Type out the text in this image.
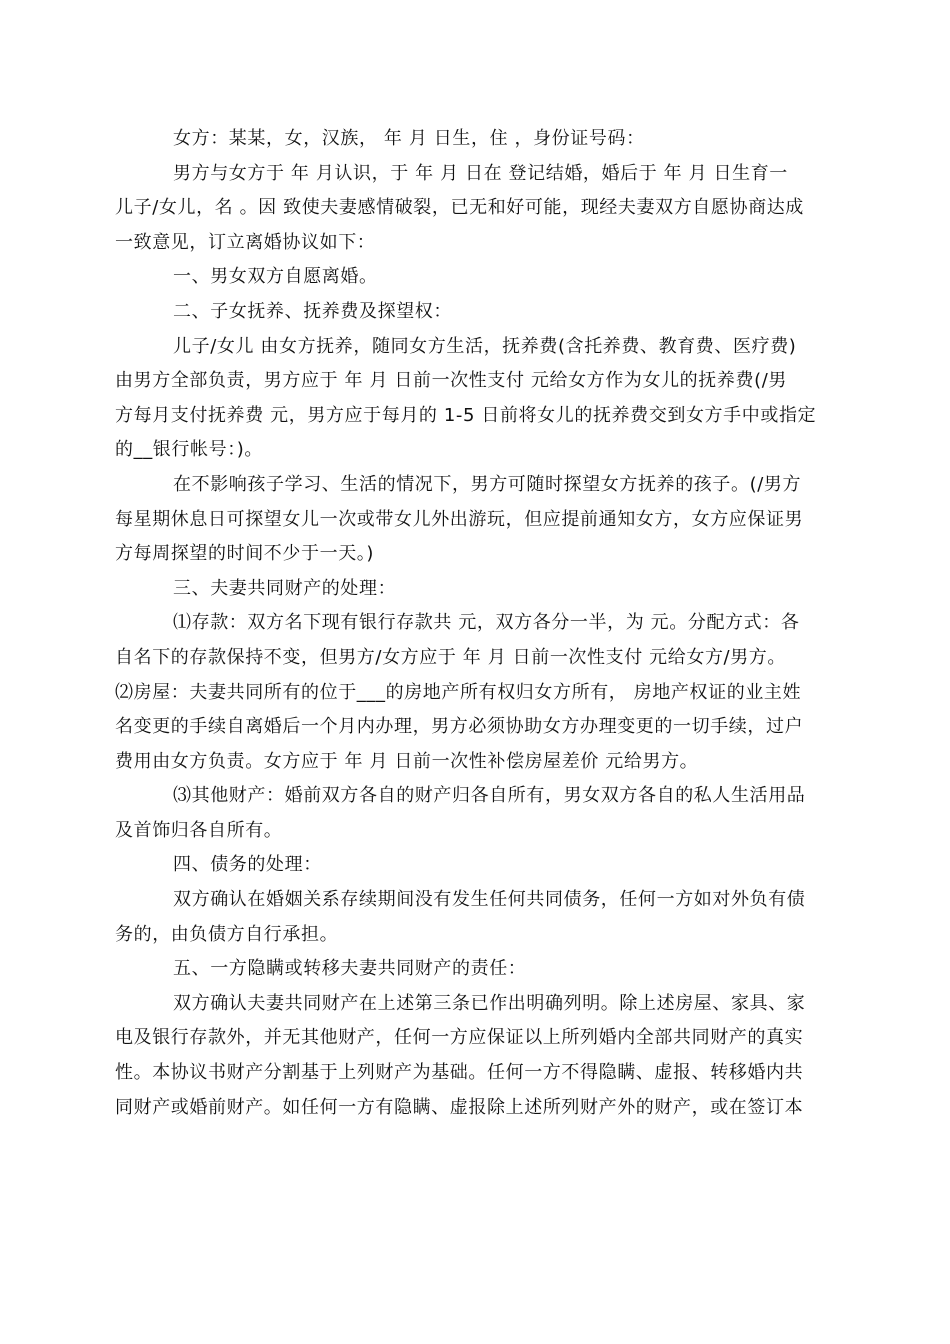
女方：某某，女，汉族， 年 月 日生，住 ，身份证号码：

男方与女方于 年 月认识，于 年 月 日在 登记结婚，婚后于 年 月 日生育一
儿子/女儿，名 。因 致使夫妻感情破裂，已无和好可能，现经夫妻双方自愿协商达成
一致意见，订立离婚协议如下：

一、男女双方自愿离婚。

二、子女抚养、抚养费及探望权：

儿子/女儿 由女方抚养，随同女方生活，抚养费(含托养费、教育费、医疗费)
由男方全部负责，男方应于 年 月 日前一次性支付 元给女方作为女儿的抚养费(/男
方每月支付抚养费 元，男方应于每月的 1-5 日前将女儿的抚养费交到女方手中或指定
的__银行帐号：)。

在不影响孩子学习、生活的情况下，男方可随时探望女方抚养的孩子。(/男方
每星期休息日可探望女儿一次或带女儿外出游玩，但应提前通知女方，女方应保证男
方每周探望的时间不少于一天。)

三、夫妻共同财产的处理：

⑴存款：双方名下现有银行存款共 元，双方各分一半，为 元。分配方式：各
自名下的存款保持不变，但男方/女方应于 年 月 日前一次性支付 元给女方/男方。

⑵房屋：夫妻共同所有的位于___的房地产所有权归女方所有， 房地产权证的业主姓
名变更的手续自离婚后一个月内办理，男方必须协助女方办理变更的一切手续，过户
费用由女方负责。女方应于 年 月 日前一次性补偿房屋差价 元给男方。

⑶其他财产：婚前双方各自的财产归各自所有，男女双方各自的私人生活用品
及首饰归各自所有。

四、债务的处理：

双方确认在婚姻关系存续期间没有发生任何共同债务，任何一方如对外负有债
务的，由负债方自行承担。

五、一方隐瞒或转移夫妻共同财产的责任：

双方确认夫妻共同财产在上述第三条已作出明确列明。除上述房屋、家具、家
电及银行存款外，并无其他财产，任何一方应保证以上所列婚内全部共同财产的真实
性。本协议书财产分割基于上列财产为基础。任何一方不得隐瞒、虚报、转移婚内共
同财产或婚前财产。如任何一方有隐瞒、虚报除上述所列财产外的财产，或在签订本
